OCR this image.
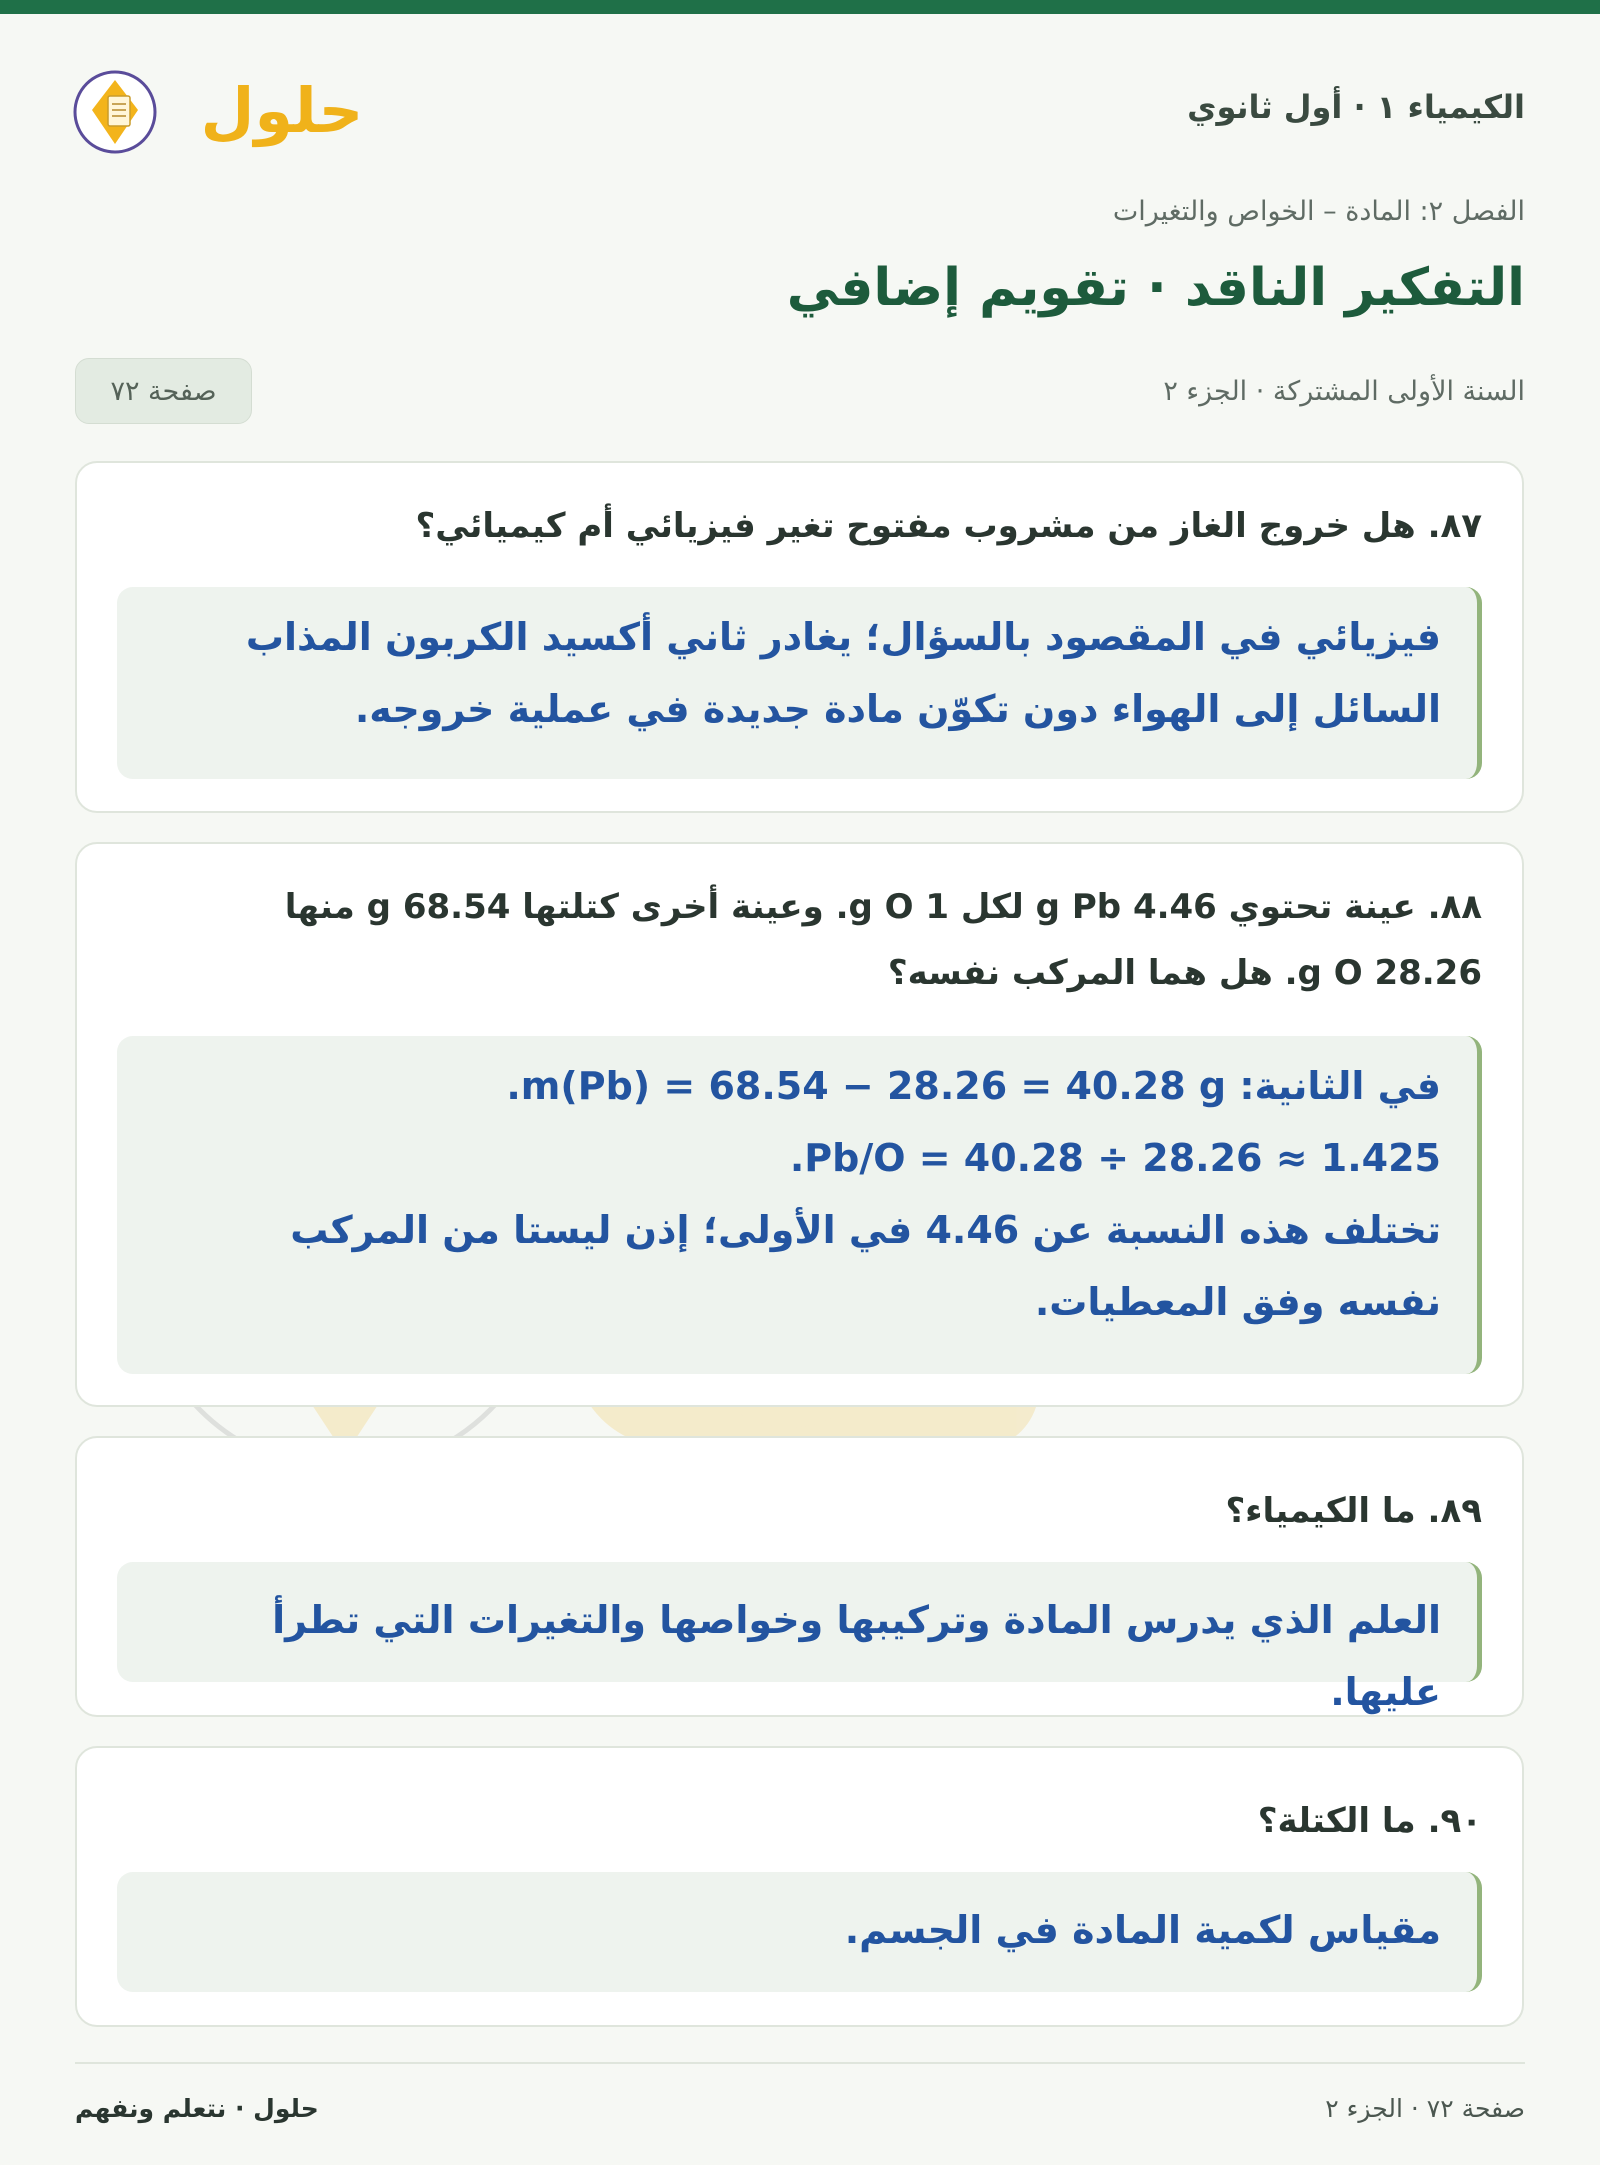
حلول	الكيمياء ١ · أول ثانوي
الفصل ٢: المادة – الخواص والتغيرات
التفكير الناقد · تقويم إضافي
السنة الأولى المشتركة · الجزء ٢
صفحة ٧٢
٨٧. هل خروج الغاز من مشروب مفتوح تغير فيزيائي أم كيميائي؟
فيزيائي في المقصود بالسؤال؛ يغادر ثاني أكسيد الكربون المذاب
السائل إلى الهواء دون تكوّن مادة جديدة في عملية خروجه.
٨٨. عينة تحتوي 4.46 g Pb لكل 1 g O. وعينة أخرى كتلتها 68.54 g منها
28.26 g O. هل هما المركب نفسه؟
في الثانية: m(Pb) = 68.54 − 28.26 = 40.28 g.
Pb/O = 40.28 ÷ 28.26 ≈ 1.425.
تختلف هذه النسبة عن 4.46 في الأولى؛ إذن ليستا من المركب
نفسه وفق المعطيات.
٨٩. ما الكيمياء؟
العلم الذي يدرس المادة وتركيبها وخواصها والتغيرات التي تطرأ عليها.
٩٠. ما الكتلة؟
مقياس لكمية المادة في الجسم.
حلول · نتعلم ونفهم	صفحة ٧٢ · الجزء ٢
